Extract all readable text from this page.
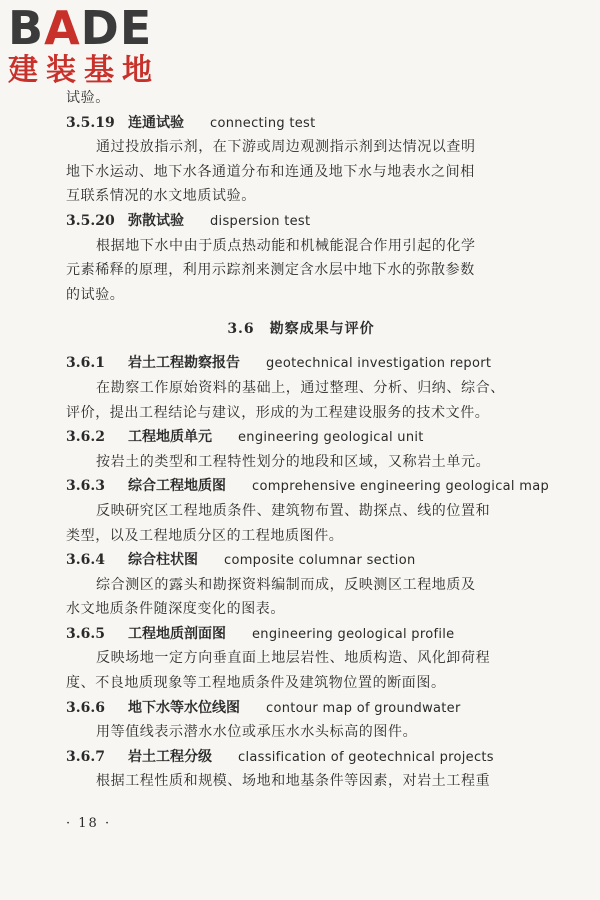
BADE
建装基地
试验。
3.5.19 连通试验 connecting test
通过投放指示剂，在下游或周边观测指示剂到达情况以查明
地下水运动、地下水各通道分布和连通及地下水与地表水之间相
互联系情况的水文地质试验。
3.5.20 弥散试验 dispersion test
根据地下水中由于质点热动能和机械能混合作用引起的化学
元素稀释的原理，利用示踪剂来测定含水层中地下水的弥散参数
的试验。
3.6　勘察成果与评价
3.6.1 岩土工程勘察报告 geotechnical investigation report
在勘察工作原始资料的基础上，通过整理、分析、归纳、综合、
评价，提出工程结论与建议，形成的为工程建设服务的技术文件。
3.6.2 工程地质单元 engineering geological unit
按岩土的类型和工程特性划分的地段和区域，又称岩土单元。
3.6.3 综合工程地质图 comprehensive engineering geological map
反映研究区工程地质条件、建筑物布置、勘探点、线的位置和
类型，以及工程地质分区的工程地质图件。
3.6.4 综合柱状图 composite columnar section
综合测区的露头和勘探资料编制而成，反映测区工程地质及
水文地质条件随深度变化的图表。
3.6.5 工程地质剖面图 engineering geological profile
反映场地一定方向垂直面上地层岩性、地质构造、风化卸荷程
度、不良地质现象等工程地质条件及建筑物位置的断面图。
3.6.6 地下水等水位线图 contour map of groundwater
用等值线表示潜水水位或承压水水头标高的图件。
3.6.7 岩土工程分级 classification of geotechnical projects
根据工程性质和规模、场地和地基条件等因素，对岩土工程重
· 18 ·
